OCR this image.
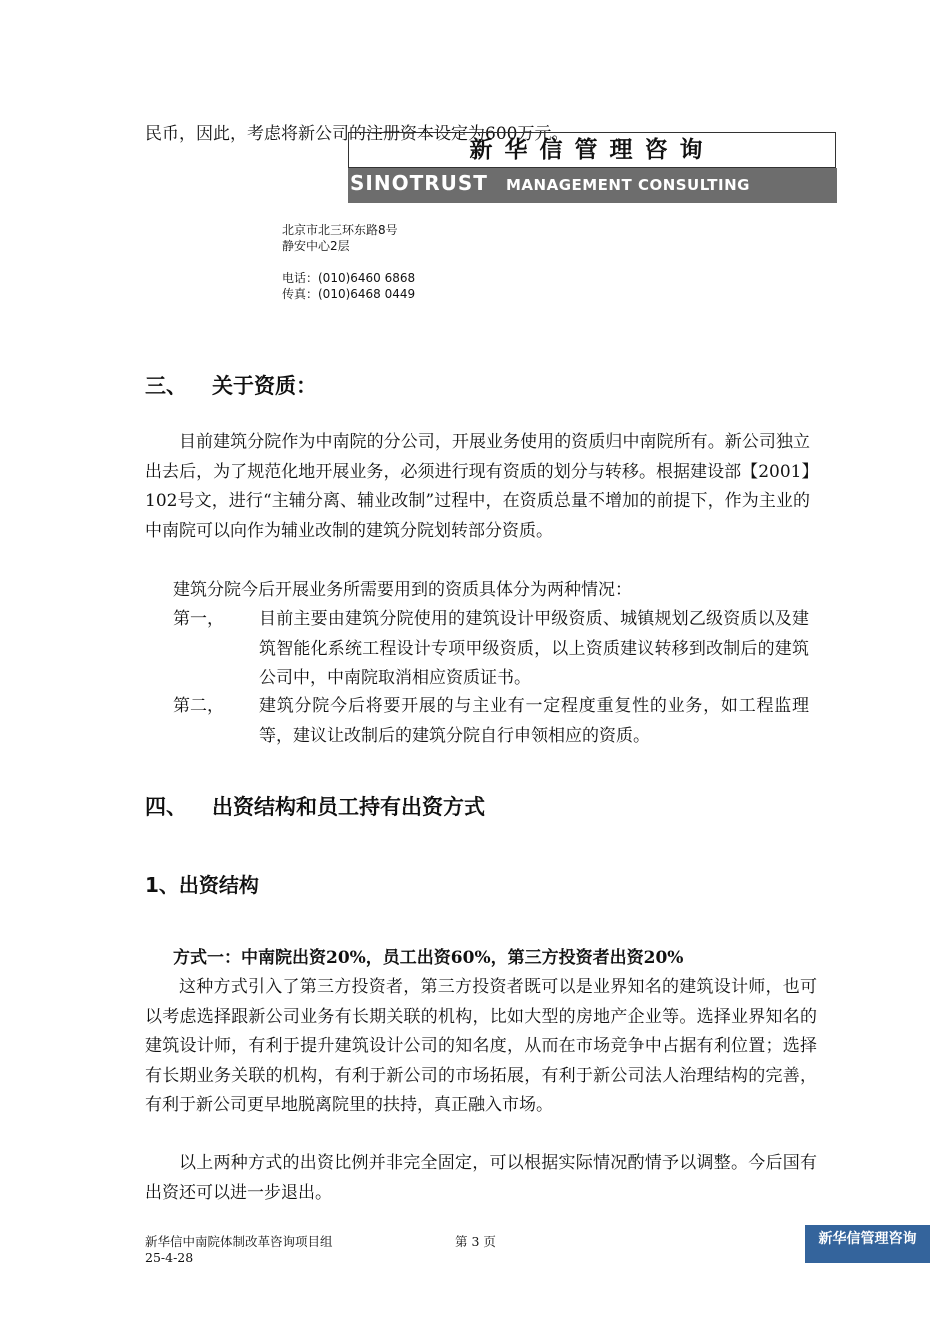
民币，因此，考虑将新公司的注册资本设定为600万元。
新华信管理咨询
SINOTRUST MANAGEMENT CONSULTING
北京市北三环东路8号
静安中心2层
电话：(010)6460 6868
传真：(010)6468 0449
三、 关于资质：
目前建筑分院作为中南院的分公司，开展业务使用的资质归中南院所有。新公司独立出去后，为了规范化地开展业务，必须进行现有资质的划分与转移。根据建设部【2001】102号文，进行“主辅分离、辅业改制”过程中，在资质总量不增加的前提下，作为主业的中南院可以向作为辅业改制的建筑分院划转部分资质。
建筑分院今后开展业务所需要用到的资质具体分为两种情况：
第一， 目前主要由建筑分院使用的建筑设计甲级资质、城镇规划乙级资质以及建筑智能化系统工程设计专项甲级资质，以上资质建议转移到改制后的建筑公司中，中南院取消相应资质证书。
第二， 建筑分院今后将要开展的与主业有一定程度重复性的业务，如工程监理等，建议让改制后的建筑分院自行申领相应的资质。
四、 出资结构和员工持有出资方式
1、出资结构
方式一：中南院出资20%，员工出资60%，第三方投资者出资20%
这种方式引入了第三方投资者，第三方投资者既可以是业界知名的建筑设计师，也可以考虑选择跟新公司业务有长期关联的机构，比如大型的房地产企业等。选择业界知名的建筑设计师，有利于提升建筑设计公司的知名度，从而在市场竞争中占据有利位置；选择有长期业务关联的机构，有利于新公司的市场拓展，有利于新公司法人治理结构的完善，有利于新公司更早地脱离院里的扶持，真正融入市场。
以上两种方式的出资比例并非完全固定，可以根据实际情况酌情予以调整。今后国有出资还可以进一步退出。
新华信中南院体制改革咨询项目组
25-4-28
第 3 页	新华信管理咨询
